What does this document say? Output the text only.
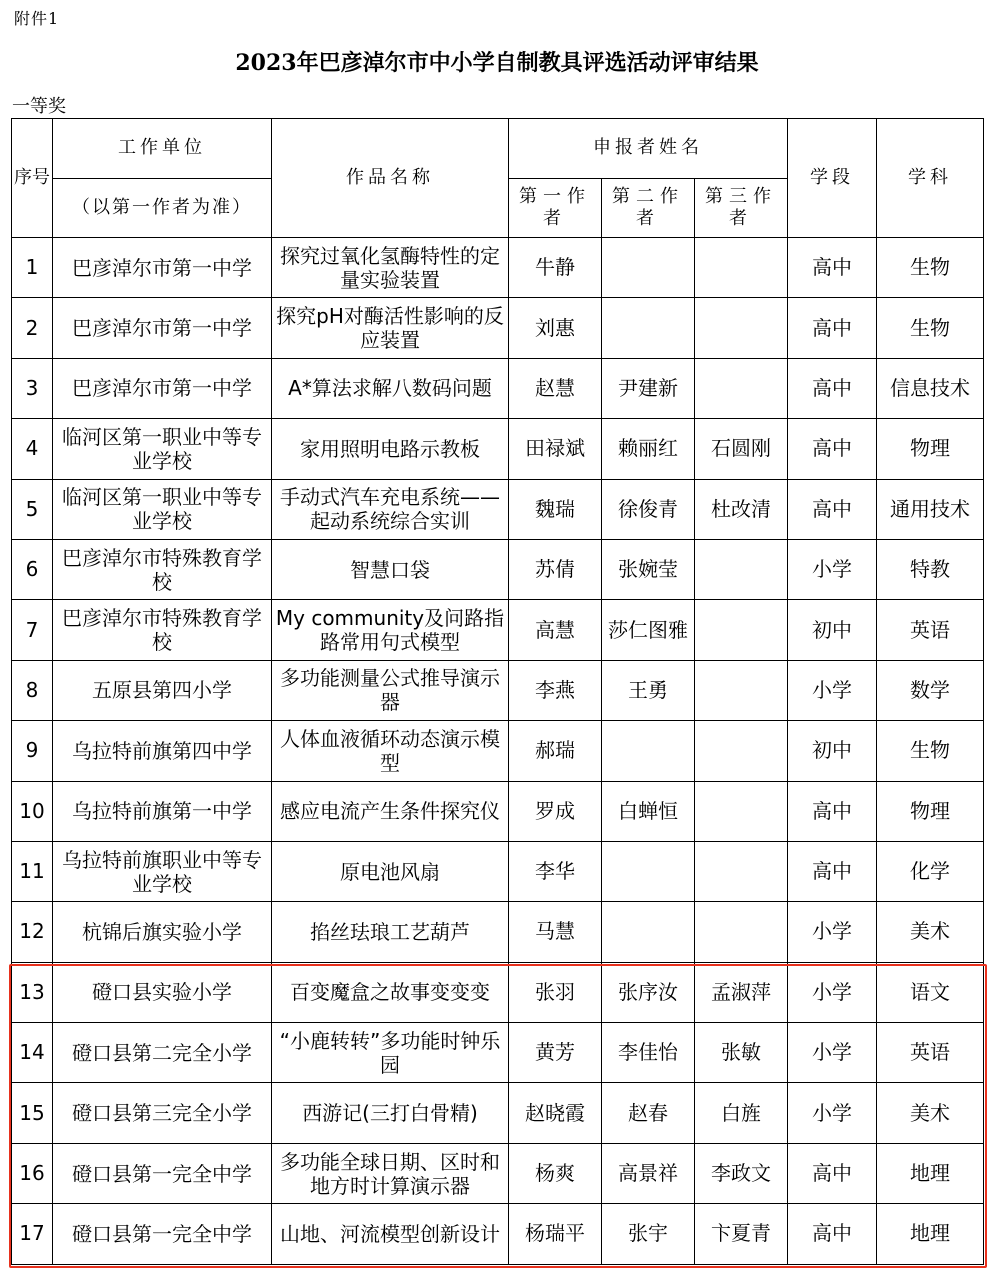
附件1
2023年巴彦淖尔市中小学自制教具评选活动评审结果
一等奖
序号	工作单位	作品名称	申报者姓名			学段	学科
	（以第一作者为准）		第一作者	第二作者	第三作者		
1	巴彦淖尔市第一中学	探究过氧化氢酶特性的定量实验装置	牛静			高中	生物
2	巴彦淖尔市第一中学	探究pH对酶活性影响的反应装置	刘惠			高中	生物
3	巴彦淖尔市第一中学	A*算法求解八数码问题	赵慧	尹建新		高中	信息技术
4	临河区第一职业中等专业学校	家用照明电路示教板	田禄斌	赖丽红	石圆刚	高中	物理
5	临河区第一职业中等专业学校	手动式汽车充电系统——起动系统综合实训	魏瑞	徐俊青	杜改清	高中	通用技术
6	巴彦淖尔市特殊教育学校	智慧口袋	苏倩	张婉莹		小学	特教
7	巴彦淖尔市特殊教育学校	My community及问路指路常用句式模型	高慧	莎仁图雅		初中	英语
8	五原县第四小学	多功能测量公式推导演示器	李燕	王勇		小学	数学
9	乌拉特前旗第四中学	人体血液循环动态演示模型	郝瑞			初中	生物
10	乌拉特前旗第一中学	感应电流产生条件探究仪	罗成	白蝉恒		高中	物理
11	乌拉特前旗职业中等专业学校	原电池风扇	李华			高中	化学
12	杭锦后旗实验小学	掐丝珐琅工艺葫芦	马慧			小学	美术
13	磴口县实验小学	百变魔盒之故事变变变	张羽	张序汝	孟淑萍	小学	语文
14	磴口县第二完全小学	“小鹿转转”多功能时钟乐园	黄芳	李佳怡	张敏	小学	英语
15	磴口县第三完全小学	西游记(三打白骨精)	赵晓霞	赵春	白旌	小学	美术
16	磴口县第一完全中学	多功能全球日期、区时和地方时计算演示器	杨爽	高景祥	李政文	高中	地理
17	磴口县第一完全中学	山地、河流模型创新设计	杨瑞平	张宇	卞夏青	高中	地理
